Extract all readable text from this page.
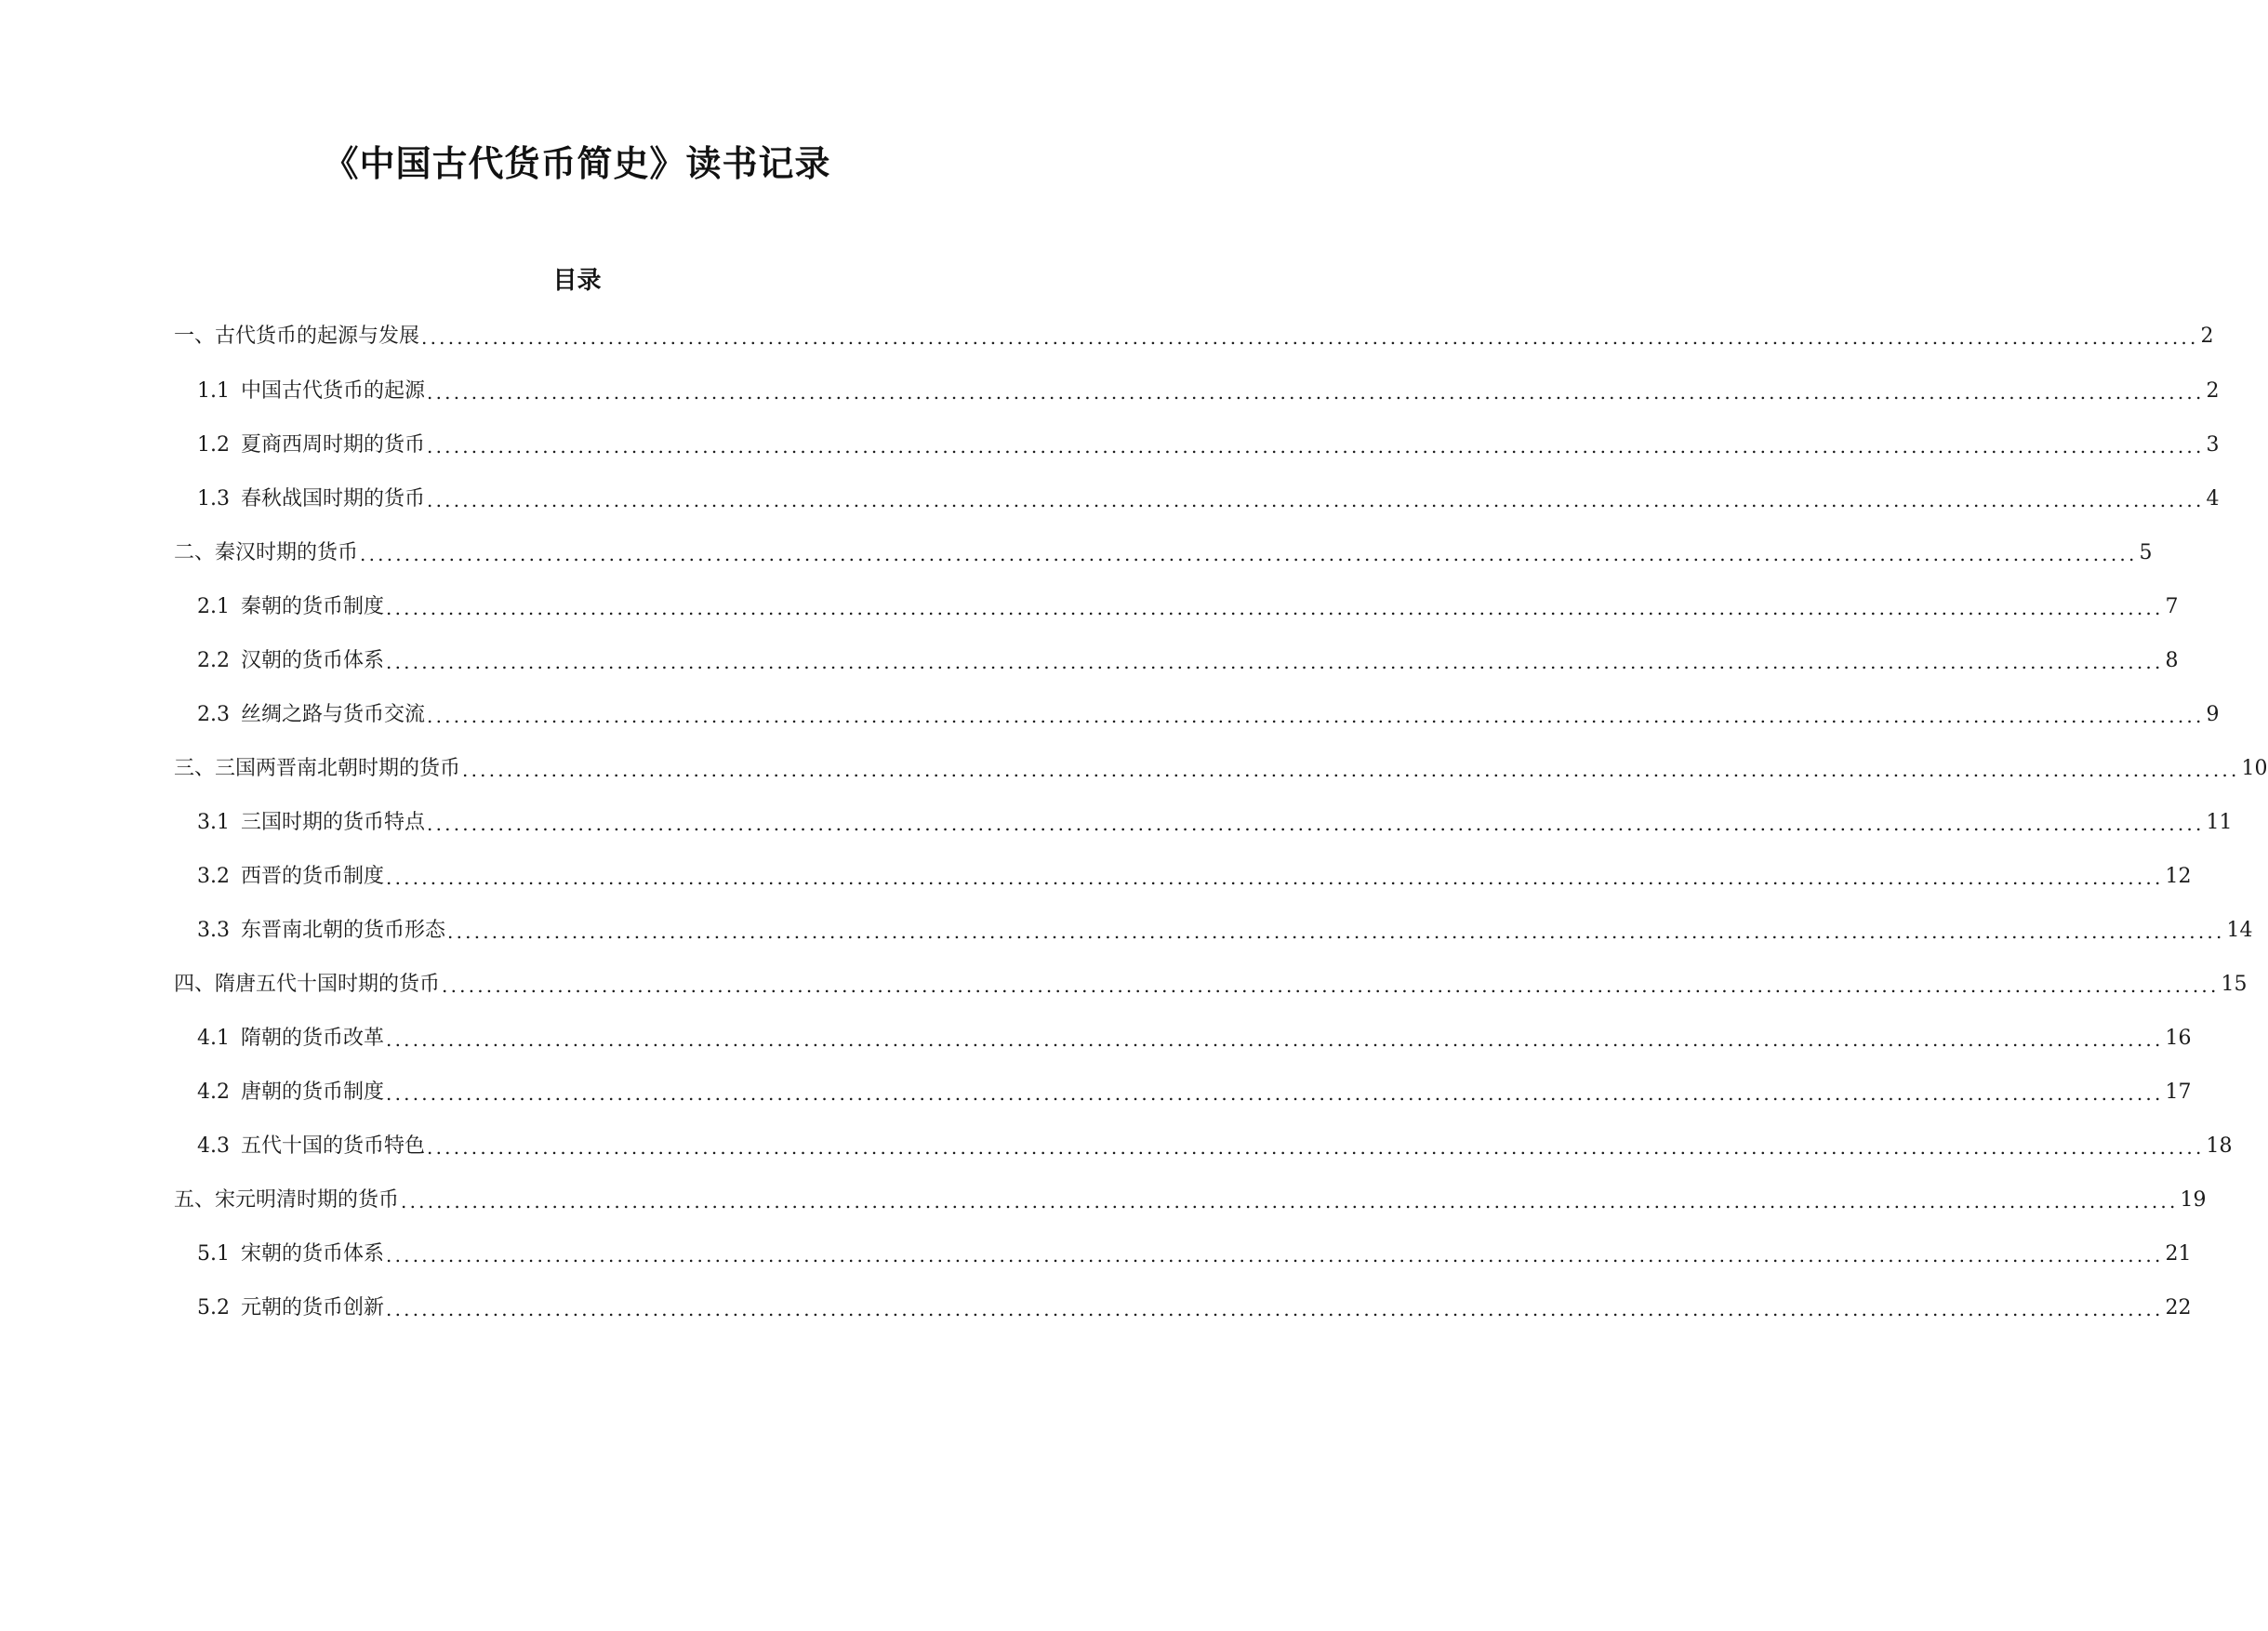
《中国古代货币简史》读书记录
目录
一、古代货币的起源与发展 ........................................................................................................................................................................................................ 2
1.1 中国古代货币的起源 ........................................................................................................................................................................................................ 2
1.2 夏商西周时期的货币 ........................................................................................................................................................................................................ 3
1.3 春秋战国时期的货币 ........................................................................................................................................................................................................ 4
二、秦汉时期的货币 ........................................................................................................................................................................................................ 5
2.1 秦朝的货币制度 ........................................................................................................................................................................................................ 7
2.2 汉朝的货币体系 ........................................................................................................................................................................................................ 8
2.3 丝绸之路与货币交流 ........................................................................................................................................................................................................ 9
三、三国两晋南北朝时期的货币 ........................................................................................................................................................................................................ 10
3.1 三国时期的货币特点 ........................................................................................................................................................................................................ 11
3.2 西晋的货币制度 ........................................................................................................................................................................................................ 12
3.3 东晋南北朝的货币形态 ........................................................................................................................................................................................................ 14
四、隋唐五代十国时期的货币 ........................................................................................................................................................................................................ 15
4.1 隋朝的货币改革 ........................................................................................................................................................................................................ 16
4.2 唐朝的货币制度 ........................................................................................................................................................................................................ 17
4.3 五代十国的货币特色 ........................................................................................................................................................................................................ 18
五、宋元明清时期的货币 ........................................................................................................................................................................................................ 19
5.1 宋朝的货币体系 ........................................................................................................................................................................................................ 21
5.2 元朝的货币创新 ........................................................................................................................................................................................................ 22
